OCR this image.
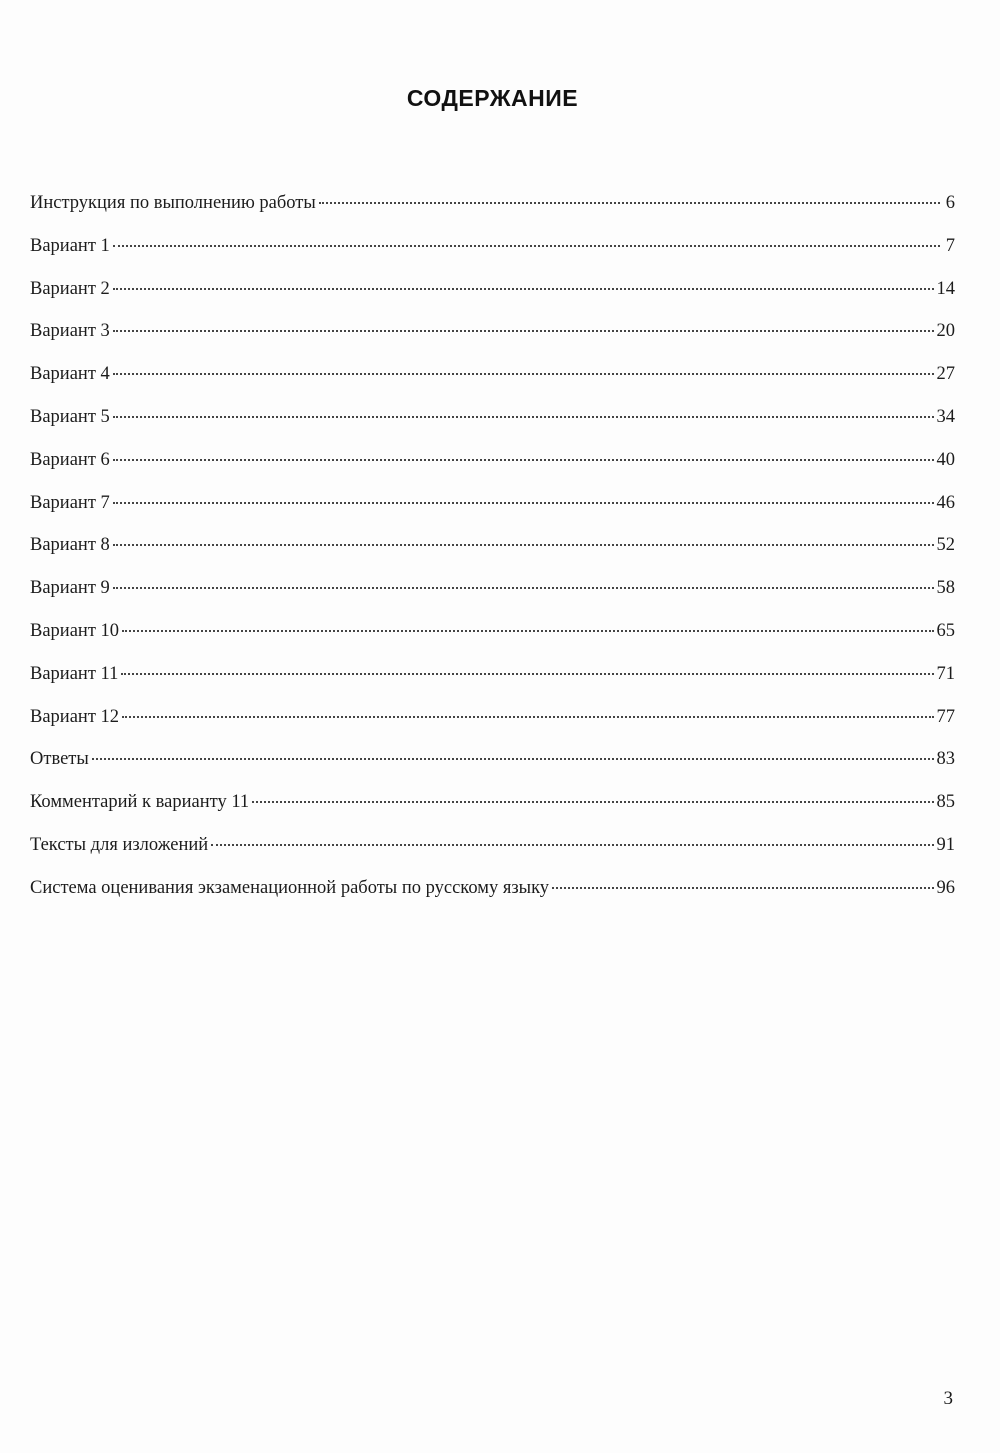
СОДЕРЖАНИЕ
Инструкция по выполнению работы	6
Вариант 1	7
Вариант 2	14
Вариант 3	20
Вариант 4	27
Вариант 5	34
Вариант 6	40
Вариант 7	46
Вариант 8	52
Вариант 9	58
Вариант 10	65
Вариант 11	71
Вариант 12	77
Ответы	83
Комментарий к варианту 11	85
Тексты для изложений	91
Система оценивания экзаменационной работы по русскому языку	96
3
